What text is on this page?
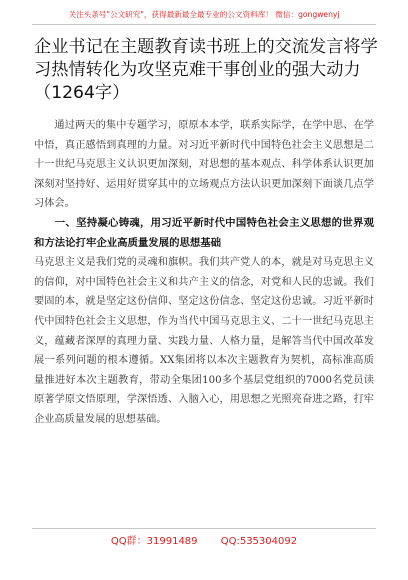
关注头条号"公文研究"，获得最新最全最专业的公文资料库！ 微信：gongwenyj
企业书记在主题教育读书班上的交流发言将学习热情转化为攻坚克难干事创业的强大动力（1264字）

通过两天的集中专题学习，原原本本学，联系实际学，在学中思、在学中悟，真正感悟到真理的力量。对习近平新时代中国特色社会主义思想是二十一世纪马克思主义认识更加深刻，对思想的基本观点、科学体系认识更加深刻对坚持好、运用好贯穿其中的立场观点方法认识更加深刻下面谈几点学习体会。

一、坚持凝心铸魂，用习近平新时代中国特色社会主义思想的世界观和方法论打牢企业高质量发展的思想基础

马克思主义是我们党的灵魂和旗帜。我们共产党人的本，就是对马克思主义的信仰，对中国特色社会主义和共产主义的信念，对党和人民的忠诚。我们要固的本，就是坚定这份信仰、坚定这份信念、坚定这份忠诚。习近平新时代中国特色社会主义思想，作为当代中国马克思主义、二十一世纪马克思主义，蕴藏者深厚的真理力量、实践力量、人格力量，是解答当代中国改革发展一系列问题的根本遵循。XX集团将以本次主题教育为契机，高标准高质量推进好本次主题教育，带动全集团100多个基层党组织的7000名党员读原著学原文悟原理，学深悟透、入脑入心，用思想之光照亮奋进之路，打牢企业高质量发展的思想基础。

QQ群：31991489 QQ:535304092
